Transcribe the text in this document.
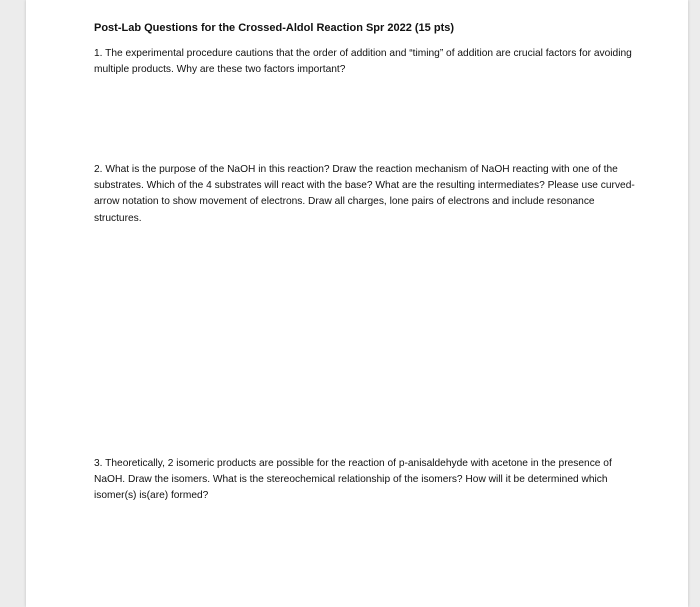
Post-Lab Questions for the Crossed-Aldol Reaction Spr 2022 (15 pts)

1. The experimental procedure cautions that the order of addition and “timing” of addition are crucial factors for avoiding multiple products. Why are these two factors important?

2. What is the purpose of the NaOH in this reaction? Draw the reaction mechanism of NaOH reacting with one of the substrates. Which of the 4 substrates will react with the base? What are the resulting intermediates? Please use curved-arrow notation to show movement of electrons. Draw all charges, lone pairs of electrons and include resonance structures.

3. Theoretically, 2 isomeric products are possible for the reaction of p-anisaldehyde with acetone in the presence of NaOH. Draw the isomers. What is the stereochemical relationship of the isomers? How will it be determined which isomer(s) is(are) formed?
